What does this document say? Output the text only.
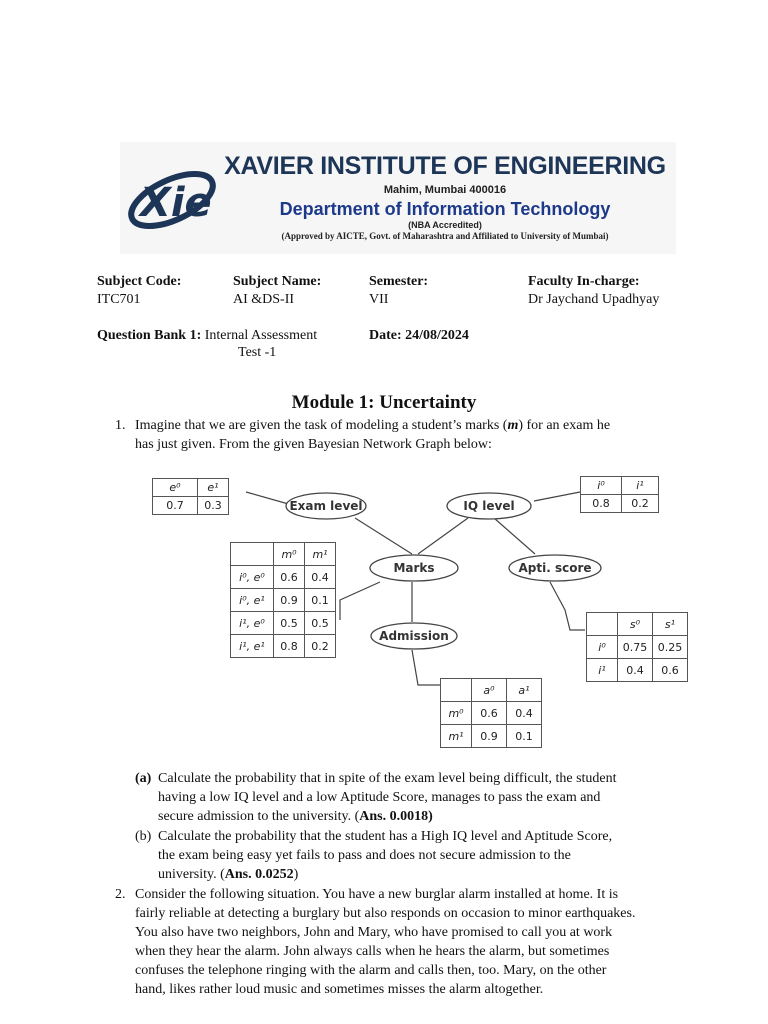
Xie
XAVIER INSTITUTE OF ENGINEERING
Mahim, Mumbai 400016
Department of Information Technology
(NBA Accredited)
(Approved by AICTE, Govt. of Maharashtra and Affiliated to University of Mumbai)
Subject Code:
ITC701
Subject Name:
AI &DS-II
Semester:
VII
Faculty In-charge:
Dr Jaychand Upadhyay
Question Bank 1: Internal Assessment
Test -1
Date: 24/08/2024
Module 1: Uncertainty
1. Imagine that we are given the task of modeling a student’s marks (m) for an exam he
has just given. From the given Bayesian Network Graph below:
Exam level	IQ level
Marks	Apti. score
Admission
e⁰	e¹
0.7	0.3
i⁰	i¹
0.8	0.2
	m⁰	m¹
i⁰, e⁰	0.6	0.4
i⁰, e¹	0.9	0.1
i¹, e⁰	0.5	0.5
i¹, e¹	0.8	0.2
	s⁰	s¹
i⁰	0.75	0.25
i¹	0.4	0.6
	a⁰	a¹
m⁰	0.6	0.4
m¹	0.9	0.1
(a) Calculate the probability that in spite of the exam level being difficult, the student
having a low IQ level and a low Aptitude Score, manages to pass the exam and
secure admission to the university. (Ans. 0.0018)
(b) Calculate the probability that the student has a High IQ level and Aptitude Score,
the exam being easy yet fails to pass and does not secure admission to the
university. (Ans. 0.0252)
2. Consider the following situation. You have a new burglar alarm installed at home. It is
fairly reliable at detecting a burglary but also responds on occasion to minor earthquakes.
You also have two neighbors, John and Mary, who have promised to call you at work
when they hear the alarm. John always calls when he hears the alarm, but sometimes
confuses the telephone ringing with the alarm and calls then, too. Mary, on the other
hand, likes rather loud music and sometimes misses the alarm altogether.
